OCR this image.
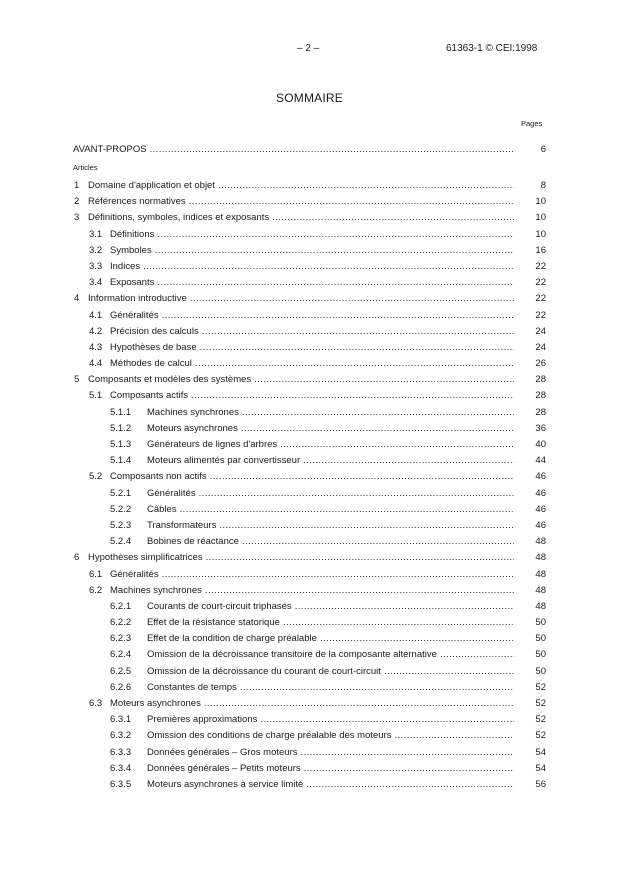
– 2 –	61363-1 © CEI:1998
SOMMAIRE
Pages
AVANT-PROPOS .....	6
Articles
1 Domaine d'application et objet .....	8
2 Références normatives .....	10
3 Définitions, symboles, indices et exposants .....	10
3.1 Définitions .....	10
3.2 Symboles .....	16
3.3 Indices .....	22
3.4 Exposants .....	22
4 Information introductive .....	22
4.1 Généralités .....	22
4.2 Précision des calculs .....	24
4.3 Hypothèses de base .....	24
4.4 Méthodes de calcul .....	26
5 Composants et modèles des systèmes .....	28
5.1 Composants actifs .....	28
5.1.1 Machines synchrones .....	28
5.1.2 Moteurs asynchrones .....	36
5.1.3 Générateurs de lignes d'arbres .....	40
5.1.4 Moteurs alimentés par convertisseur .....	44
5.2 Composants non actifs .....	46
5.2.1 Généralités .....	46
5.2.2 Câbles .....	46
5.2.3 Transformateurs .....	46
5.2.4 Bobines de réactance .....	48
6 Hypothèses simplificatrices .....	48
6.1 Généralités .....	48
6.2 Machines synchrones .....	48
6.2.1 Courants de court-circuit triphasés .....	48
6.2.2 Effet de la résistance statorique .....	50
6.2.3 Effet de la condition de charge préalable .....	50
6.2.4 Omission de la décroissance transitoire de la composante alternative .....	50
6.2.5 Omission de la décroissance du courant de court-circuit .....	50
6.2.6 Constantes de temps .....	52
6.3 Moteurs asynchrones .....	52
6.3.1 Premières approximations .....	52
6.3.2 Omission des conditions de charge préalable des moteurs .....	52
6.3.3 Données générales – Gros moteurs .....	54
6.3.4 Données générales – Petits moteurs .....	54
6.3.5 Moteurs asynchrones à service limité .....	56
